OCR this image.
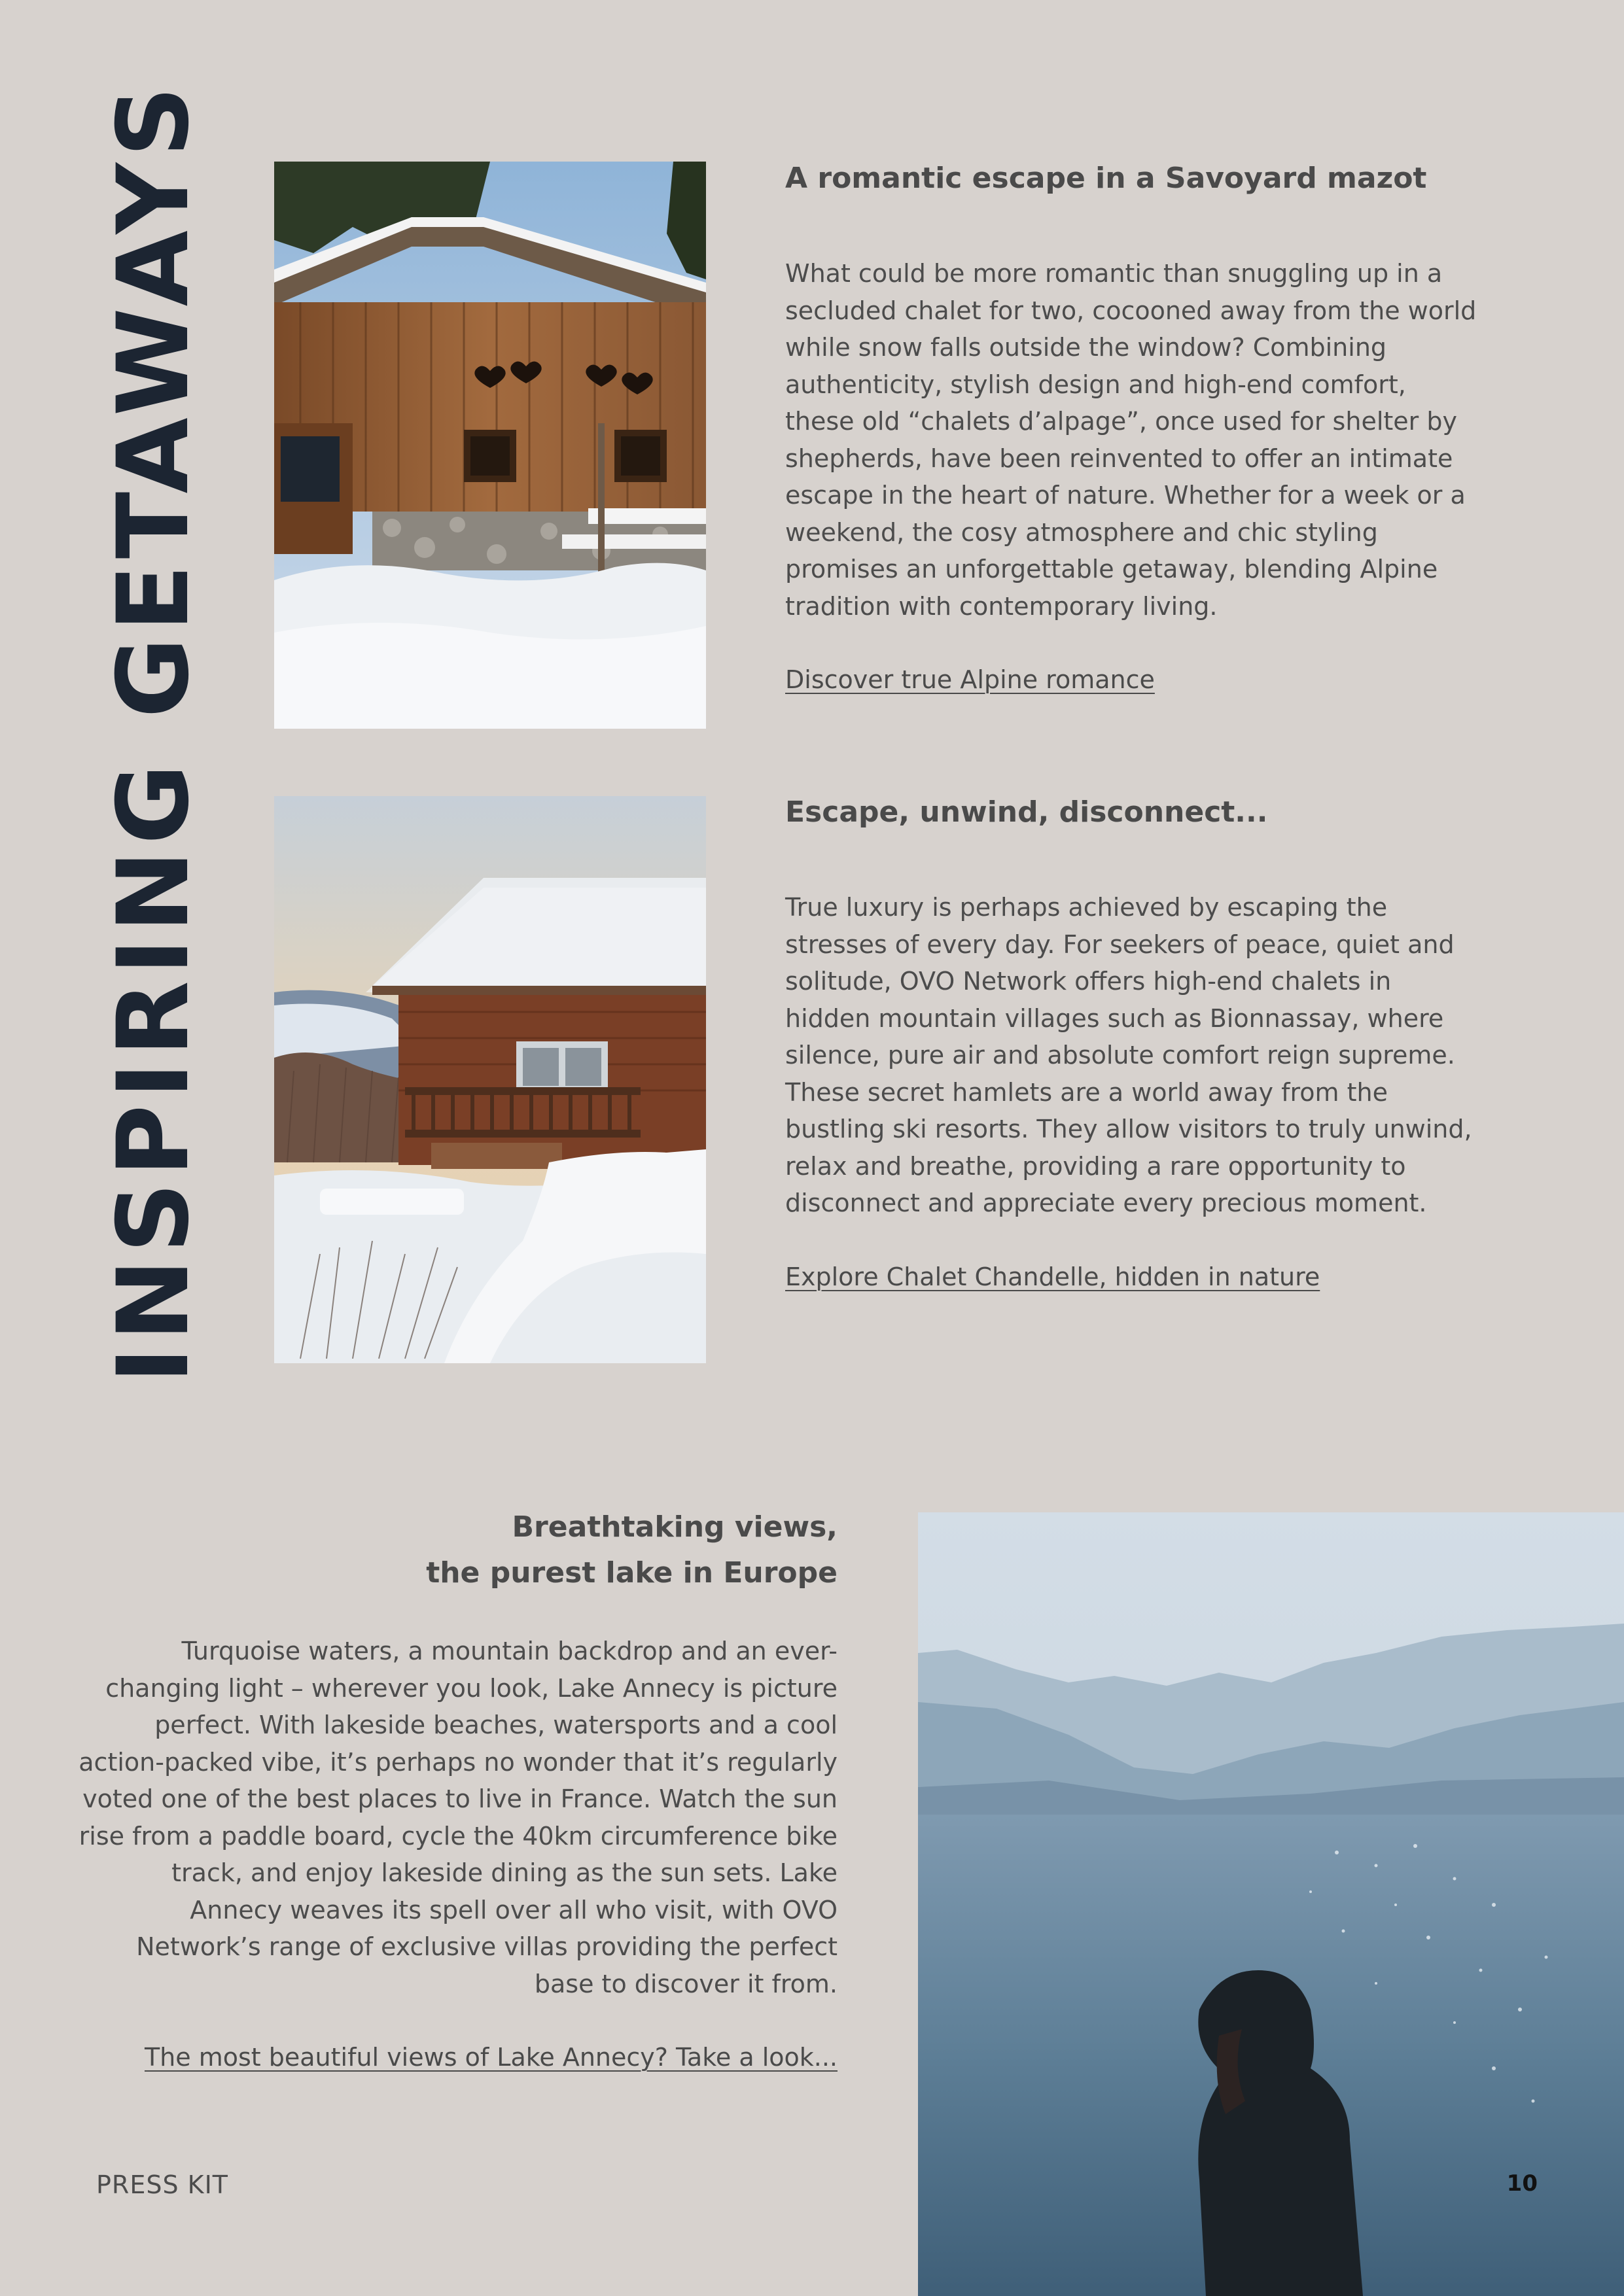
INSPIRING GETAWAYS	A romantic escape in a Savoyard mazot

What could be more romantic than snuggling up in a secluded chalet for two, cocooned away from the world while snow falls outside the window? Combining authenticity, stylish design and high-end comfort, these old “chalets d’alpage”, once used for shelter by shepherds, have been reinvented to offer an intimate escape in the heart of nature. Whether for a week or a weekend, the cosy atmosphere and chic styling promises an unforgettable getaway, blending Alpine tradition with contemporary living.

Discover true Alpine romance
Escape, unwind, disconnect...

True luxury is perhaps achieved by escaping the stresses of every day. For seekers of peace, quiet and solitude, OVO Network offers high-end chalets in hidden mountain villages such as Bionnassay, where silence, pure air and absolute comfort reign supreme. These secret hamlets are a world away from the bustling ski resorts. They allow visitors to truly unwind, relax and breathe, providing a rare opportunity to disconnect and appreciate every precious moment.

Explore Chalet Chandelle, hidden in nature
Breathtaking views,
the purest lake in Europe

Turquoise waters, a mountain backdrop and an ever-changing light – wherever you look, Lake Annecy is picture perfect. With lakeside beaches, watersports and a cool action-packed vibe, it’s perhaps no wonder that it’s regularly voted one of the best places to live in France. Watch the sun rise from a paddle board, cycle the 40km circumference bike track, and enjoy lakeside dining as the sun sets. Lake Annecy weaves its spell over all who visit, with OVO Network’s range of exclusive villas providing the perfect base to discover it from.

The most beautiful views of Lake Annecy? Take a look...
PRESS KIT	10
